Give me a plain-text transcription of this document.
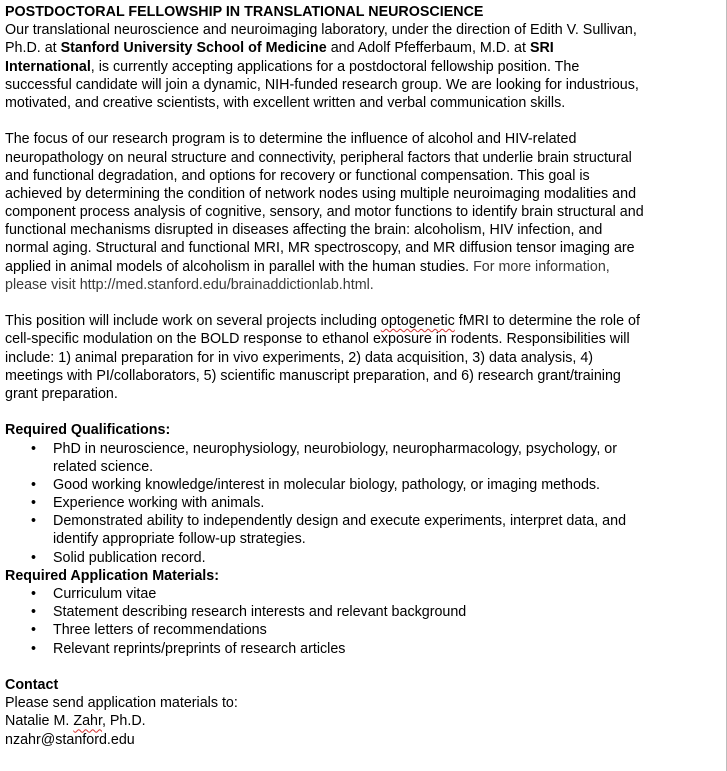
POSTDOCTORAL FELLOWSHIP IN TRANSLATIONAL NEUROSCIENCE
Our translational neuroscience and neuroimaging laboratory, under the direction of Edith V. Sullivan,
Ph.D. at Stanford University School of Medicine and Adolf Pfefferbaum, M.D. at SRI
International, is currently accepting applications for a postdoctoral fellowship position. The
successful candidate will join a dynamic, NIH-funded research group. We are looking for industrious,
motivated, and creative scientists, with excellent written and verbal communication skills.
The focus of our research program is to determine the influence of alcohol and HIV-related
neuropathology on neural structure and connectivity, peripheral factors that underlie brain structural
and functional degradation, and options for recovery or functional compensation. This goal is
achieved by determining the condition of network nodes using multiple neuroimaging modalities and
component process analysis of cognitive, sensory, and motor functions to identify brain structural and
functional mechanisms disrupted in diseases affecting the brain: alcoholism, HIV infection, and
normal aging. Structural and functional MRI, MR spectroscopy, and MR diffusion tensor imaging are
applied in animal models of alcoholism in parallel with the human studies. For more information,
please visit http://med.stanford.edu/brainaddictionlab.html.
This position will include work on several projects including optogenetic fMRI to determine the role of
cell-specific modulation on the BOLD response to ethanol exposure in rodents. Responsibilities will
include: 1) animal preparation for in vivo experiments, 2) data acquisition, 3) data analysis, 4)
meetings with PI/collaborators, 5) scientific manuscript preparation, and 6) research grant/training
grant preparation.
Required Qualifications:
• PhD in neuroscience, neurophysiology, neurobiology, neuropharmacology, psychology, or
related science.
• Good working knowledge/interest in molecular biology, pathology, or imaging methods.
• Experience working with animals.
• Demonstrated ability to independently design and execute experiments, interpret data, and
identify appropriate follow-up strategies.
• Solid publication record.
Required Application Materials:
• Curriculum vitae
• Statement describing research interests and relevant background
• Three letters of recommendations
• Relevant reprints/preprints of research articles
Contact
Please send application materials to:
Natalie M. Zahr, Ph.D.
nzahr@stanford.edu
